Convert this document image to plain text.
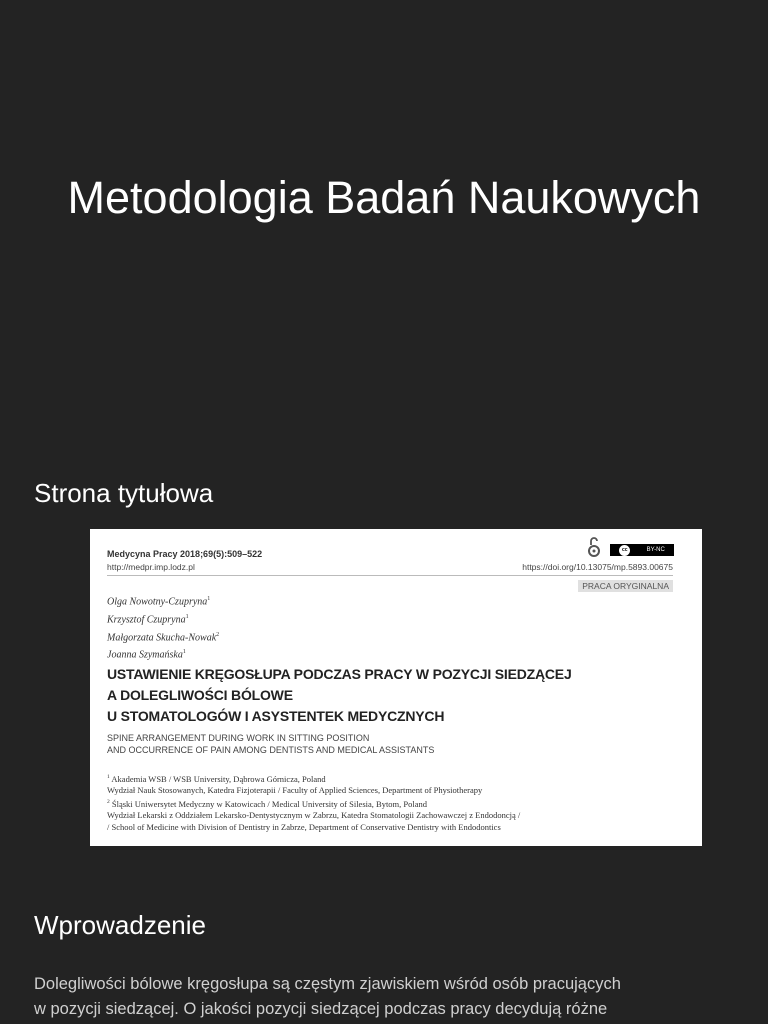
Metodologia Badań Naukowych
Strona tytułowa
Medycyna Pracy 2018;69(5):509–522
http://medpr.imp.lodz.pl
cc	BY-NC
https://doi.org/10.13075/mp.5893.00675
PRACA ORYGINALNA
Olga Nowotny-Czupryna$^1$
Krzysztof Czupryna$^1$
Małgorzata Skucha-Nowak$^2$
Joanna Szymańska$^1$
USTAWIENIE KRĘGOSŁUPA PODCZAS PRACY W POZYCJI SIEDZĄCEJ
A DOLEGLIWOŚCI BÓLOWE
U STOMATOLOGÓW I ASYSTENTEK MEDYCZNYCH
SPINE ARRANGEMENT DURING WORK IN SITTING POSITION
AND OCCURRENCE OF PAIN AMONG DENTISTS AND MEDICAL ASSISTANTS
$^1$ Akademia WSB / WSB University, Dąbrowa Górnicza, Poland
Wydział Nauk Stosowanych, Katedra Fizjoterapii / Faculty of Applied Sciences, Department of Physiotherapy
$^2$ Śląski Uniwersytet Medyczny w Katowicach / Medical University of Silesia, Bytom, Poland
Wydział Lekarski z Oddziałem Lekarsko-Dentystycznym w Zabrzu, Katedra Stomatologii Zachowawczej z Endodoncją /
/ School of Medicine with Division of Dentistry in Zabrze, Department of Conservative Dentistry with Endodontics
Wprowadzenie

Dolegliwości bólowe kręgosłupa są częstym zjawiskiem wśród osób pracujących
w pozycji siedzącej. O jakości pozycji siedzącej podczas pracy decydują różne
